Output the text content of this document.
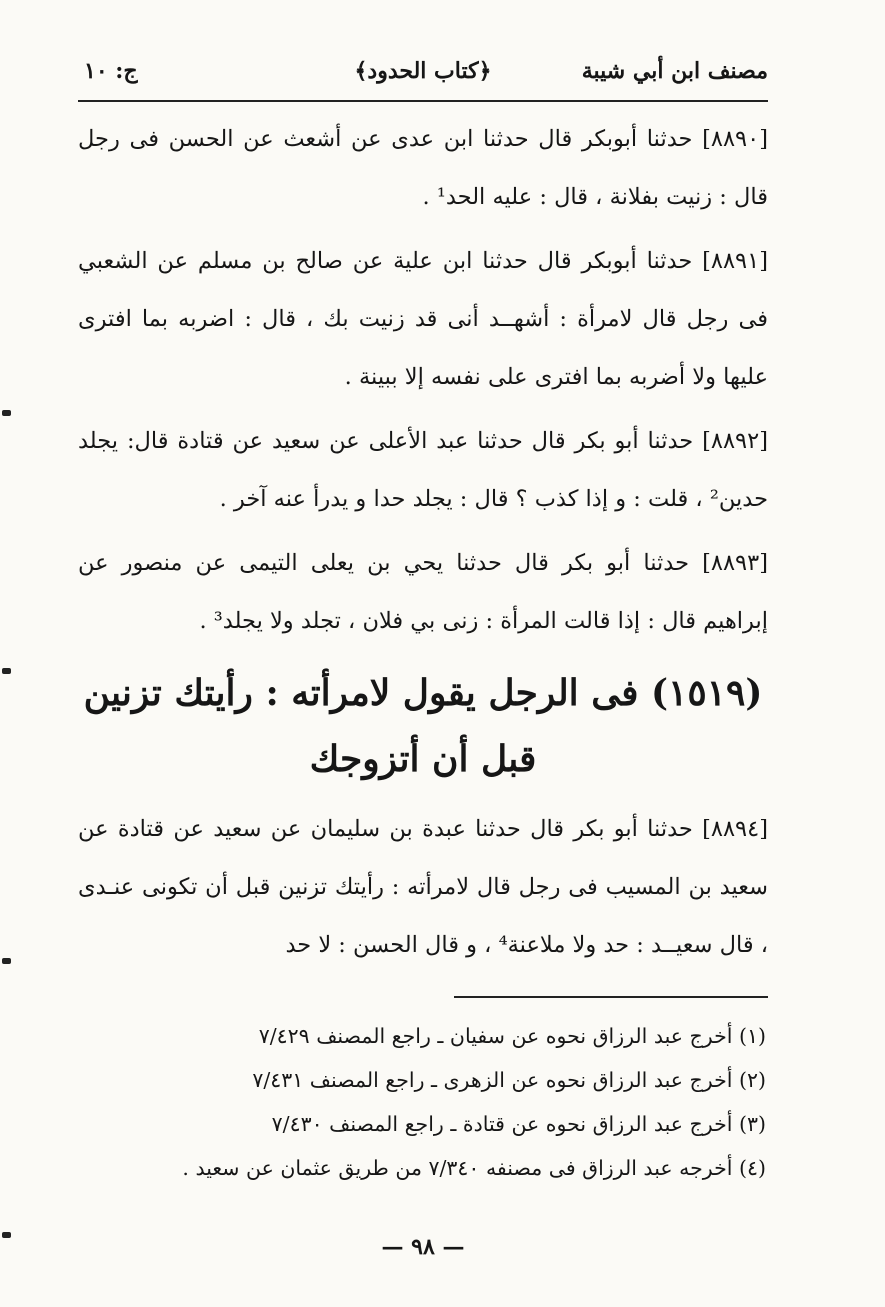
مصنف ابن أبي شيبة
﴿كتاب الحدود﴾
ج: ١٠

[٨٨٩٠] حدثنا أبوبكر قال حدثنا ابن عدى عن أشعث عن الحسن فى رجل قال : زنيت بفلانة ، قال : عليه الحد¹ .

[٨٨٩١] حدثنا أبوبكر قال حدثنا ابن علية عن صالح بن مسلم عن الشعبي فى رجل قال لامرأة : أشهــد أنى قد زنيت بك ، قال : اضربه بما افترى عليها ولا أضربه بما افترى على نفسه إلا ببينة .

[٨٨٩٢] حدثنا أبو بكر قال حدثنا عبد الأعلى عن سعيد عن قتادة قال: يجلد حدين² ، قلت : و إذا كذب ؟ قال : يجلد حدا و يدرأ عنه آخر .

[٨٨٩٣] حدثنا أبو بكر قال حدثنا يحي بن يعلى التيمى عن منصور عن إبراهيم قال : إذا قالت المرأة : زنى بي فلان ، تجلد ولا يجلد³ .

(١٥١٩) فى الرجل يقول لامرأته : رأيتك تزنين
قبل أن أتزوجك

[٨٨٩٤] حدثنا أبو بكر قال حدثنا عبدة بن سليمان عن سعيد عن قتادة عن سعيد بن المسيب فى رجل قال لامرأته : رأيتك تزنين قبل أن تكونى عنـدى ، قال سعيــد : حد ولا ملاعنة⁴ ، و قال الحسن : لا حد

(١) أخرج عبد الرزاق نحوه عن سفيان ـ راجع المصنف ٧/٤٢٩
(٢) أخرج عبد الرزاق نحوه عن الزهرى ـ راجع المصنف ٧/٤٣١
(٣) أخرج عبد الرزاق نحوه عن قتادة ـ راجع المصنف ٧/٤٣٠
(٤) أخرجه عبد الرزاق فى مصنفه ٧/٣٤٠ من طريق عثمان عن سعيد .
— ٩٨ —
